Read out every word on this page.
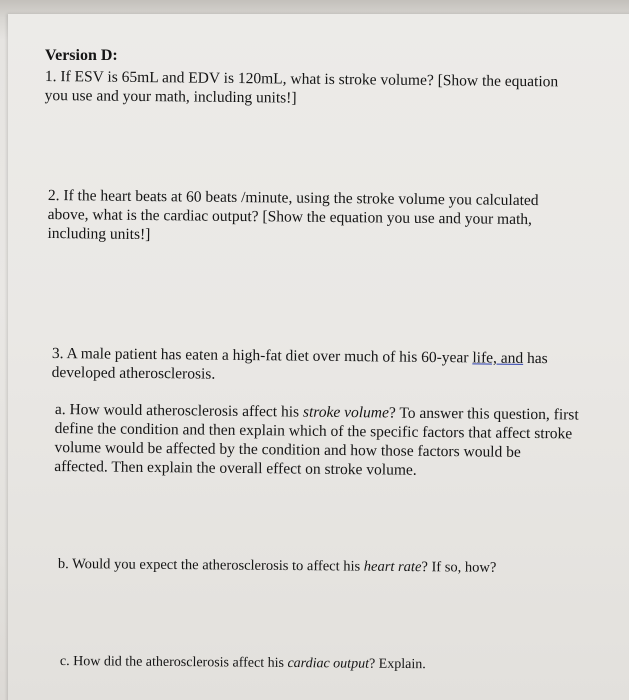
Version D:
1. If ESV is 65mL and EDV is 120mL, what is stroke volume? [Show the equation
you use and your math, including units!]
2. If the heart beats at 60 beats /minute, using the stroke volume you calculated
above, what is the cardiac output? [Show the equation you use and your math,
including units!]
3. A male patient has eaten a high-fat diet over much of his 60-year life, and has
developed atherosclerosis.
a. How would atherosclerosis affect his stroke volume? To answer this question, first
define the condition and then explain which of the specific factors that affect stroke
volume would be affected by the condition and how those factors would be
affected. Then explain the overall effect on stroke volume.
b. Would you expect the atherosclerosis to affect his heart rate? If so, how?
c. How did the atherosclerosis affect his cardiac output? Explain.
